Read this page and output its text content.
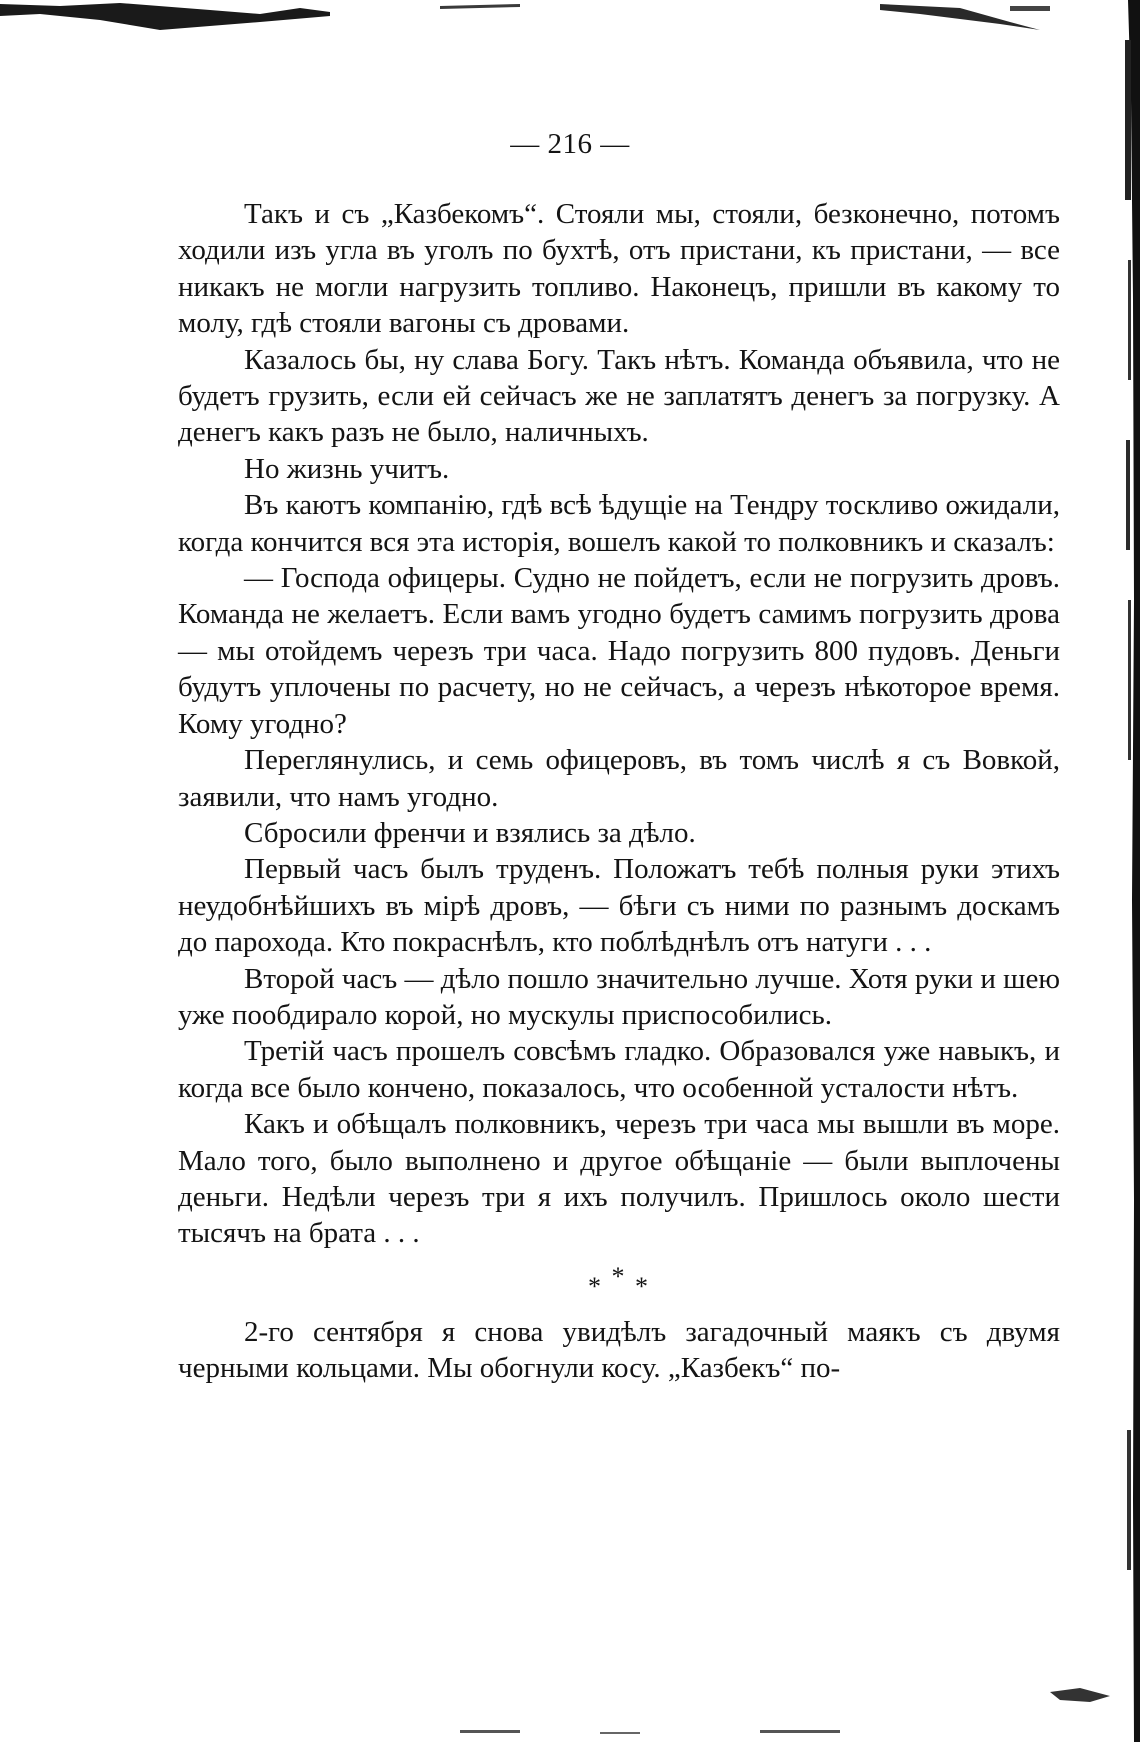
— 216 —

Такъ и съ „Казбекомъ“. Стояли мы, стояли, безконечно, потомъ ходили изъ угла въ уголъ по бухтѣ, отъ пристани, къ пристани, — все никакъ не могли нагрузить топливо. Наконецъ, пришли въ какому то молу, гдѣ стояли вагоны съ дровами.

Казалось бы, ну слава Богу. Такъ нѣтъ. Команда объявила, что не будетъ грузить, если ей сейчасъ же не заплатятъ денегъ за погрузку. А денегъ какъ разъ не было, наличныхъ.

Но жизнь учитъ.

Въ каютъ компанію, гдѣ всѣ ѣдущіе на Тендру тоскливо ожидали, когда кончится вся эта исторія, вошелъ какой то полковникъ и сказалъ:

— Господа офицеры. Судно не пойдетъ, если не погрузить дровъ. Команда не желаетъ. Если вамъ угодно будетъ самимъ погрузить дрова — мы отойдемъ черезъ три часа. Надо погрузить 800 пудовъ. Деньги будутъ уплочены по расчету, но не сейчасъ, а черезъ нѣкоторое время. Кому угодно?

Переглянулись, и семь офицеровъ, въ томъ числѣ я съ Вовкой, заявили, что намъ угодно.

Сбросили френчи и взялись за дѣло.

Первый часъ былъ труденъ. Положатъ тебѣ полныя руки этихъ неудобнѣйшихъ въ мірѣ дровъ, — бѣги съ ними по разнымъ доскамъ до парохода. Кто покраснѣлъ, кто поблѣднѣлъ отъ натуги . . .

Второй часъ — дѣло пошло значительно лучше. Хотя руки и шею уже пообдирало корой, но мускулы приспособились.

Третій часъ прошелъ совсѣмъ гладко. Образовался уже навыкъ, и когда все было кончено, показалось, что особенной усталости нѣтъ.

Какъ и обѣщалъ полковникъ, черезъ три часа мы вышли въ море. Мало того, было выполнено и другое обѣщаніе — были выплочены деньги. Недѣли черезъ три я ихъ получилъ. Пришлось около шести тысячъ на брата . . .

* * *

2-го сентября я снова увидѣлъ загадочный маякъ съ двумя черными кольцами. Мы обогнули косу. „Казбекъ“ по-
